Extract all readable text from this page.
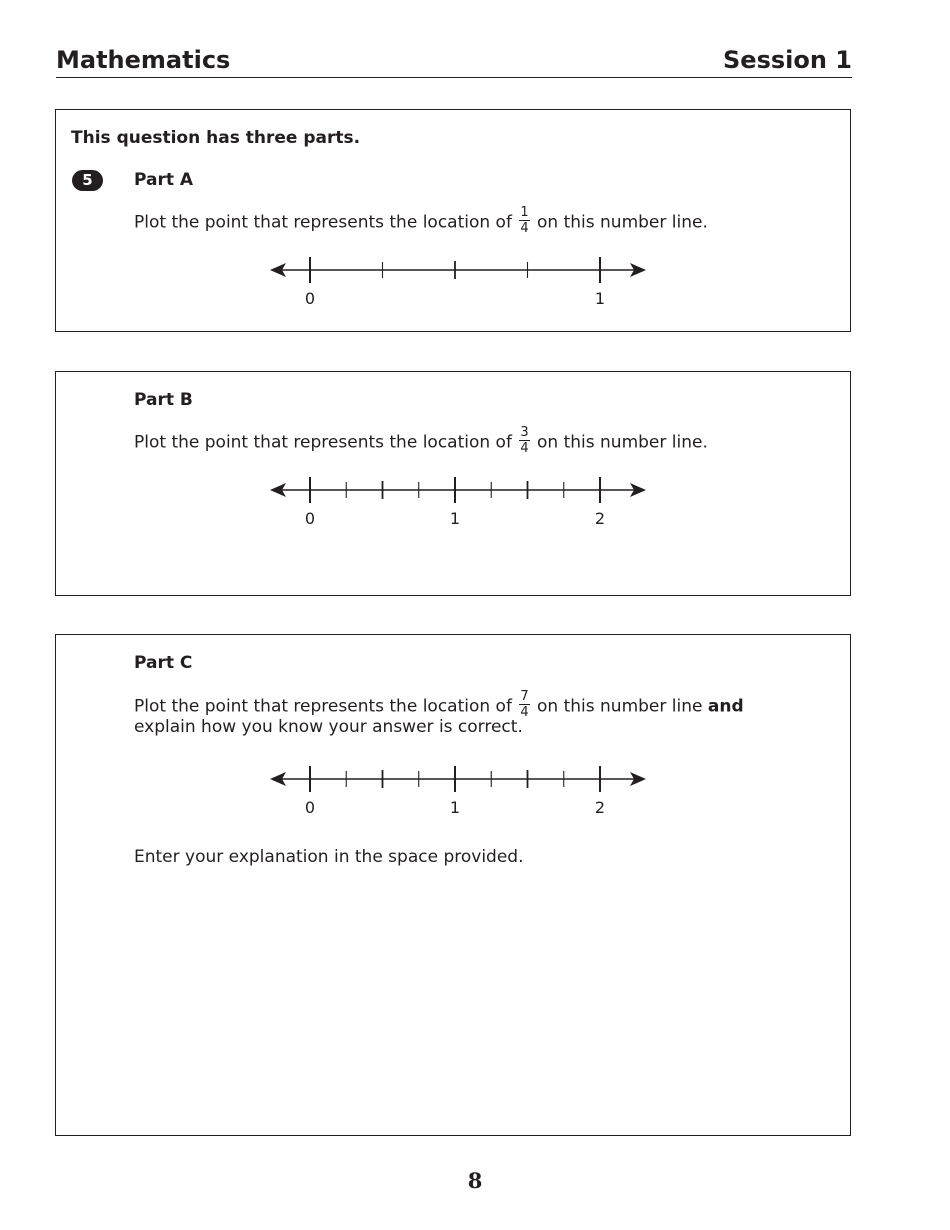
Mathematics	Session 1
This question has three parts.
5	Part A
Plot the point that represents the location of $\frac{1}{4}$ on this number line.
0	1
Part B
Plot the point that represents the location of $\frac{3}{4}$ on this number line.
0	1	2
Part C
Plot the point that represents the location of $\frac{7}{4}$ on this number line and
explain how you know your answer is correct.
0	1	2
Enter your explanation in the space provided.
8
